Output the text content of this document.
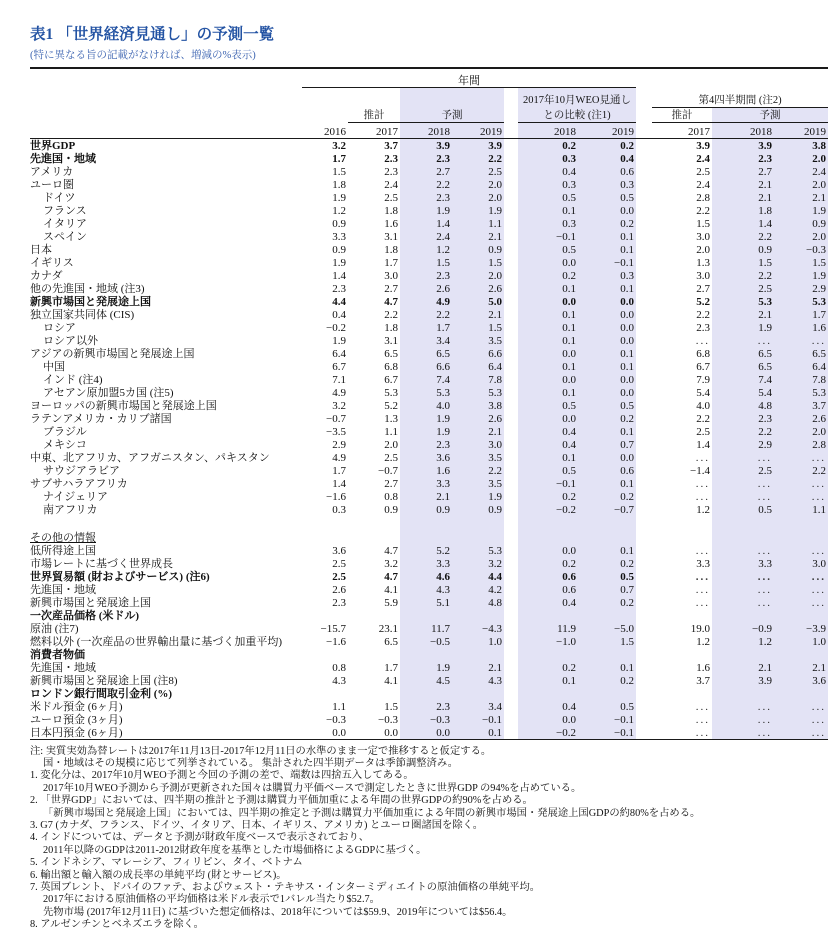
表1 「世界経済見通し」の予測一覧
(特に異なる旨の記載がなければ、増減の%表示)
	年間										
						2017年10月WEO見通し			第4四半期間 (注2)		
		推計	予測			との比較 (注1)			推計	予測	
	2016	2017	2018	2019		2018	2019		2017	2018	2019
世界GDP	3.2	3.7	3.9	3.9		0.2	0.2		3.9	3.9	3.8
先進国・地域	1.7	2.3	2.3	2.2		0.3	0.4		2.4	2.3	2.0
アメリカ	1.5	2.3	2.7	2.5		0.4	0.6		2.5	2.7	2.4
ユーロ圏	1.8	2.4	2.2	2.0		0.3	0.3		2.4	2.1	2.0
ドイツ	1.9	2.5	2.3	2.0		0.5	0.5		2.8	2.1	2.1
フランス	1.2	1.8	1.9	1.9		0.1	0.0		2.2	1.8	1.9
イタリア	0.9	1.6	1.4	1.1		0.3	0.2		1.5	1.4	0.9
スペイン	3.3	3.1	2.4	2.1		−0.1	0.1		3.0	2.2	2.0
日本	0.9	1.8	1.2	0.9		0.5	0.1		2.0	0.9	−0.3
イギリス	1.9	1.7	1.5	1.5		0.0	−0.1		1.3	1.5	1.5
カナダ	1.4	3.0	2.3	2.0		0.2	0.3		3.0	2.2	1.9
他の先進国・地域 (注3)	2.3	2.7	2.6	2.6		0.1	0.1		2.7	2.5	2.9
新興市場国と発展途上国	4.4	4.7	4.9	5.0		0.0	0.0		5.2	5.3	5.3
独立国家共同体 (CIS)	0.4	2.2	2.2	2.1		0.1	0.0		2.2	2.1	1.7
ロシア	−0.2	1.8	1.7	1.5		0.1	0.0		2.3	1.9	1.6
ロシア以外	1.9	3.1	3.4	3.5		0.1	0.0		...	...	...
アジアの新興市場国と発展途上国	6.4	6.5	6.5	6.6		0.0	0.1		6.8	6.5	6.5
中国	6.7	6.8	6.6	6.4		0.1	0.1		6.7	6.5	6.4
インド (注4)	7.1	6.7	7.4	7.8		0.0	0.0		7.9	7.4	7.8
アセアン原加盟5カ国 (注5)	4.9	5.3	5.3	5.3		0.1	0.0		5.4	5.4	5.3
ヨーロッパの新興市場国と発展途上国	3.2	5.2	4.0	3.8		0.5	0.5		4.0	4.8	3.7
ラテンアメリカ・カリブ諸国	−0.7	1.3	1.9	2.6		0.0	0.2		2.2	2.3	2.6
ブラジル	−3.5	1.1	1.9	2.1		0.4	0.1		2.5	2.2	2.0
メキシコ	2.9	2.0	2.3	3.0		0.4	0.7		1.4	2.9	2.8
中東、北アフリカ、アフガニスタン、パキスタン	4.9	2.5	3.6	3.5		0.1	0.0		...	...	...
サウジアラビア	1.7	−0.7	1.6	2.2		0.5	0.6		−1.4	2.5	2.2
サブサハラアフリカ	1.4	2.7	3.3	3.5		−0.1	0.1		...	...	...
ナイジェリア	−1.6	0.8	2.1	1.9		0.2	0.2		...	...	...
南アフリカ	0.3	0.9	0.9	0.9		−0.2	−0.7		1.2	0.5	1.1

その他の情報											
低所得途上国	3.6	4.7	5.2	5.3		0.0	0.1		...	...	...
市場レートに基づく世界成長	2.5	3.2	3.3	3.2		0.2	0.2		3.3	3.3	3.0
世界貿易額 (財およびサービス) (注6)	2.5	4.7	4.6	4.4		0.6	0.5		...	...	...
先進国・地域	2.6	4.1	4.3	4.2		0.6	0.7		...	...	...
新興市場国と発展途上国	2.3	5.9	5.1	4.8		0.4	0.2		...	...	...
一次産品価格 (米ドル)											
原油 (注7)	−15.7	23.1	11.7	−4.3		11.9	−5.0		19.0	−0.9	−3.9
燃料以外 (一次産品の世界輸出量に基づく加重平均)	−1.6	6.5	−0.5	1.0		−1.0	1.5		1.2	1.2	1.0
消費者物価											
先進国・地域	0.8	1.7	1.9	2.1		0.2	0.1		1.6	2.1	2.1
新興市場国と発展途上国 (注8)	4.3	4.1	4.5	4.3		0.1	0.2		3.7	3.9	3.6
ロンドン銀行間取引金利 (%)											
米ドル預金 (6ヶ月)	1.1	1.5	2.3	3.4		0.4	0.5		...	...	...
ユーロ預金 (3ヶ月)	−0.3	−0.3	−0.3	−0.1		0.0	−0.1		...	...	...
日本円預金 (6ヶ月)	0.0	0.0	0.0	0.1		−0.2	−0.1		...	...	...
注: 実質実効為替レートは2017年11月13日-2017年12月11日の水準のまま一定で推移すると仮定する。
国・地域はその規模に応じて列挙されている。 集計された四半期データは季節調整済み。
1. 変化分は、2017年10月WEO予測と今回の予測の差で、端数は四捨五入してある。
2017年10月WEO予測から予測が更新された国々は購買力平価ベースで測定したときに世界GDP の94%を占めている。
2. 「世界GDP」においては、四半期の推計と予測は購買力平価加重による年間の世界GDPの約90%を占める。
「新興市場国と発展途上国」においては、四半期の推定と予測は購買力平価加重による年間の新興市場国・発展途上国GDPの約80%を占める。
3. G7 (カナダ、フランス、ドイツ、イタリア、日本、イギリス、アメリカ) とユーロ圏諸国を除く。
4. インドについては、データと予測が財政年度ベースで表示されており、
2011年以降のGDPは2011-2012財政年度を基準とした市場価格によるGDPに基づく。
5. インドネシア、マレーシア、フィリピン、タイ、ベトナム
6. 輸出額と輸入額の成長率の単純平均 (財とサービス)。
7. 英国ブレント、ドバイのファテ、およびウェスト・テキサス・インターミディエイトの原油価格の単純平均。
2017年における原油価格の平均価格は米ドル表示で1バレル当たり$52.7。
先物市場 (2017年12月11日) に基づいた想定価格は、2018年については$59.9、2019年については$56.4。
8. アルゼンチンとベネズエラを除く。
